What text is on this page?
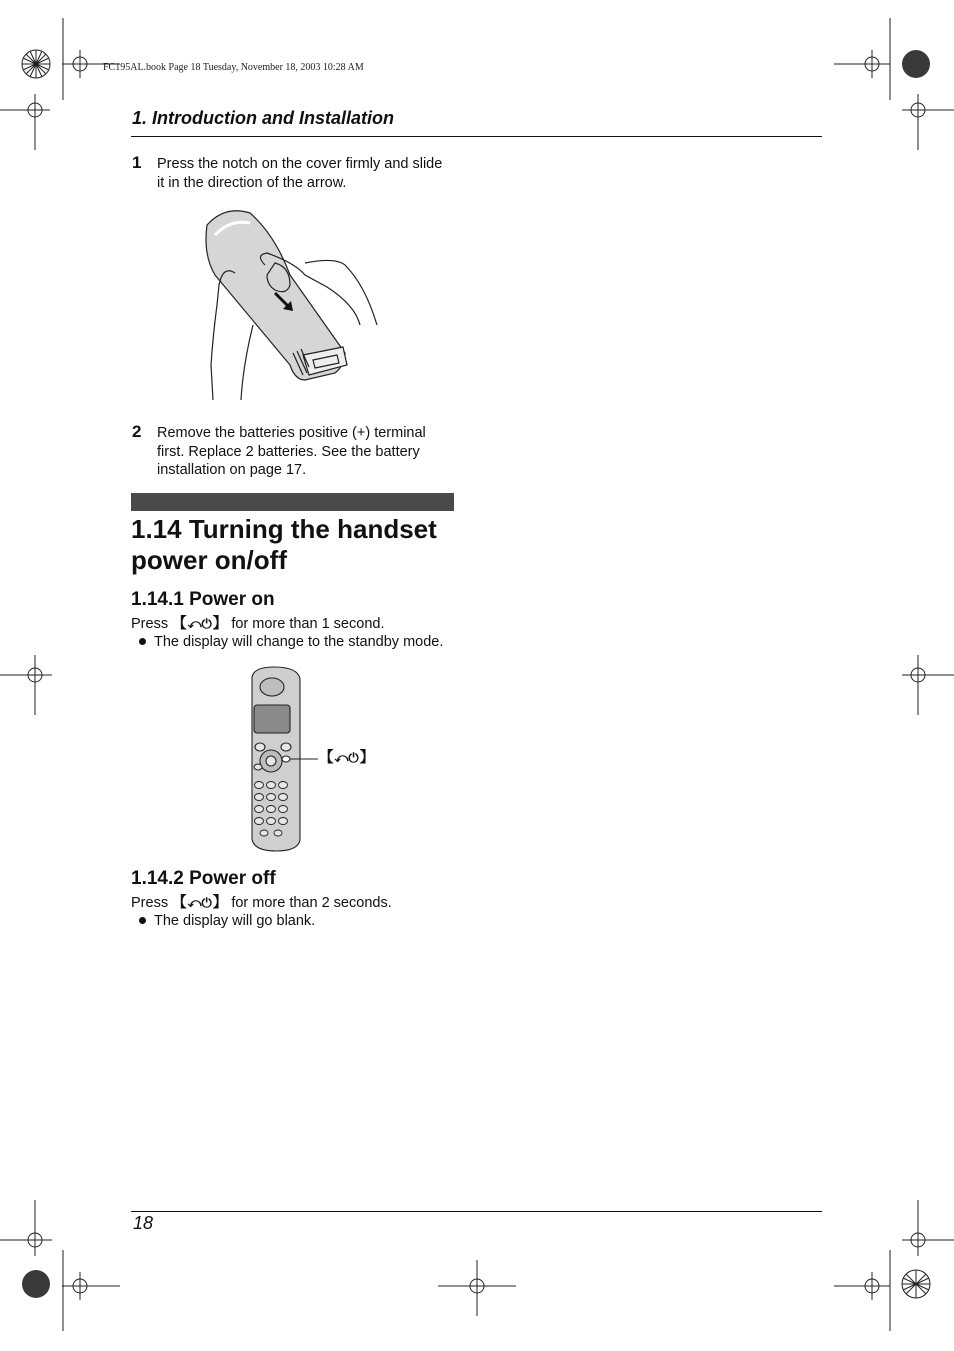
FC195AL.book Page 18 Tuesday, November 18, 2003 10:28 AM
1. Introduction and Installation
1 Press the notch on the cover firmly and slide
it in the direction of the arrow.
2 Remove the batteries positive (+) terminal
first. Replace 2 batteries. See the battery
installation on page 17.
1.14 Turning the handset
power on/off
1.14.1 Power on
Press 【 ⤺⏻ 】 for more than 1 second.
The display will change to the standby mode.
【 ⤺⏻ 】
1.14.2 Power off
Press 【 ⤺⏻ 】 for more than 2 seconds.
The display will go blank.
18
